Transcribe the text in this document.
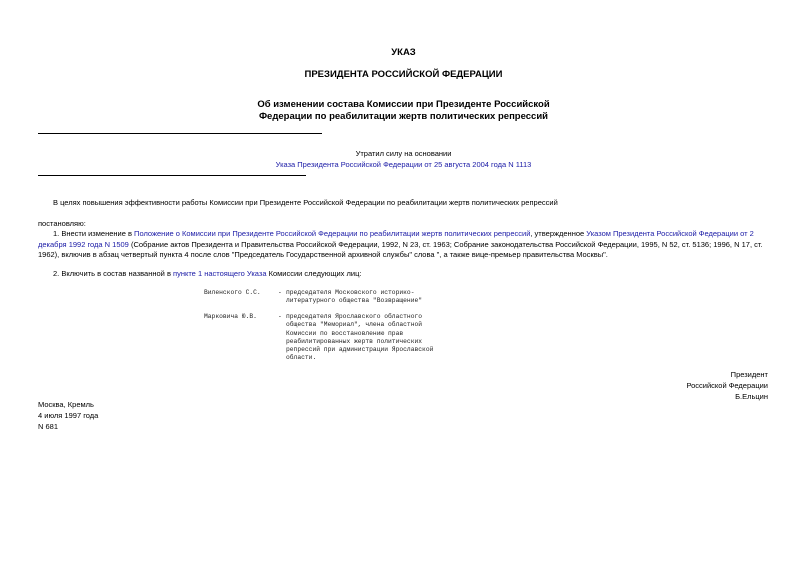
УКАЗ
ПРЕЗИДЕНТА РОССИЙСКОЙ ФЕДЕРАЦИИ
Об изменении состава Комиссии при Президенте Российской
Федерации по реабилитации жертв политических репрессий
Утратил силу на основании
Указа Президента Российской Федерации от 25 августа 2004 года N 1113
В целях повышения эффективности работы Комиссии при Президенте Российской Федерации по реабилитации жертв политических репрессий
постановляю:
1. Внести изменение в Положение о Комиссии при Президенте Российской Федерации по реабилитации жертв политических репрессий, утвержденное Указом Президента Российской Федерации от 2 декабря 1992 года N 1509 (Собрание актов Президента и Правительства Российской Федерации, 1992, N 23, ст. 1963; Собрание законодательства Российской Федерации, 1995, N 52, ст. 5136; 1996, N 17, ст. 1962), включив в абзац четвертый пункта 4 после слов "Председатель Государственной архивной службы" слова ", а также вице-премьер правительства Москвы".
2. Включить в состав названной в пункте 1 настоящего Указа Комиссии следующих лиц:
Виленского С.С.	- председателя Московского историко-литературного общества "Возвращение"
Марковича Ю.В.	- председателя Ярославского областного общества "Мемориал", члена областной Комиссии по восстановлению прав реабилитированных жертв политических репрессий при администрации Ярославской области.
Президент
Российской Федерации
Б.Ельцин
Москва, Кремль
4 июля 1997 года
N 681
